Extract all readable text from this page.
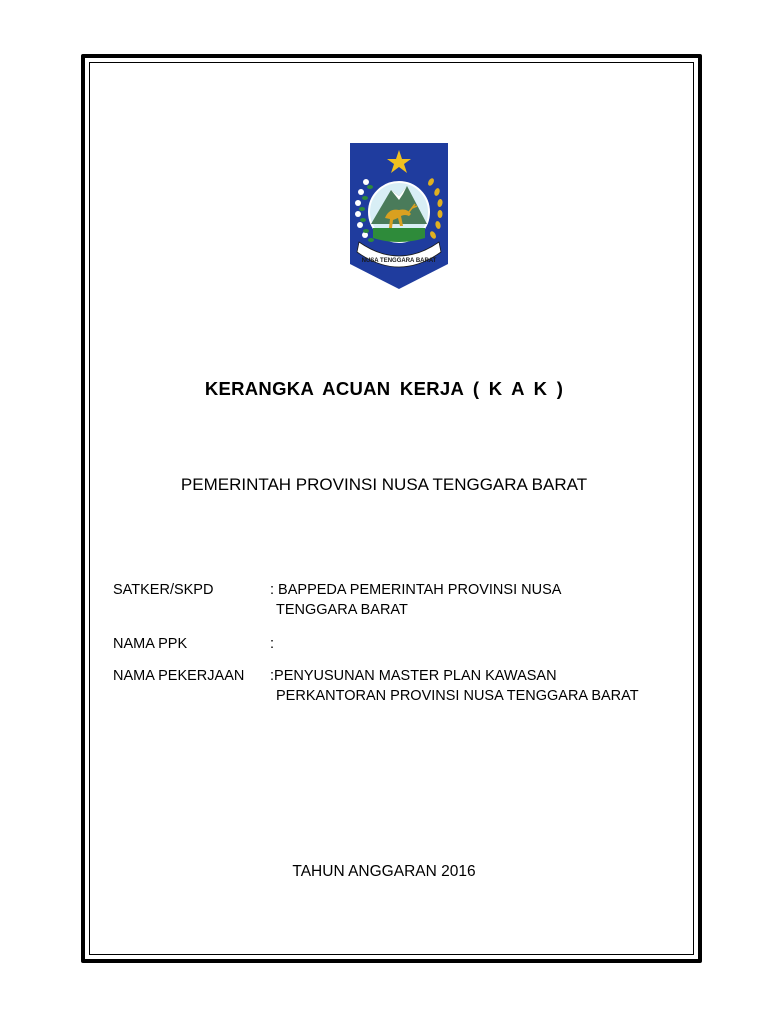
NUSA TENGGARA BARAT
KERANGKA ACUAN KERJA ( K A K )
PEMERINTAH PROVINSI NUSA TENGGARA BARAT
SATKER/SKPD	: BAPPEDA PEMERINTAH PROVINSI NUSA
TENGGARA BARAT
NAMA PPK	:
NAMA PEKERJAAN :PENYUSUNAN MASTER PLAN KAWASAN
PERKANTORAN PROVINSI NUSA TENGGARA BARAT
TAHUN ANGGARAN 2016
